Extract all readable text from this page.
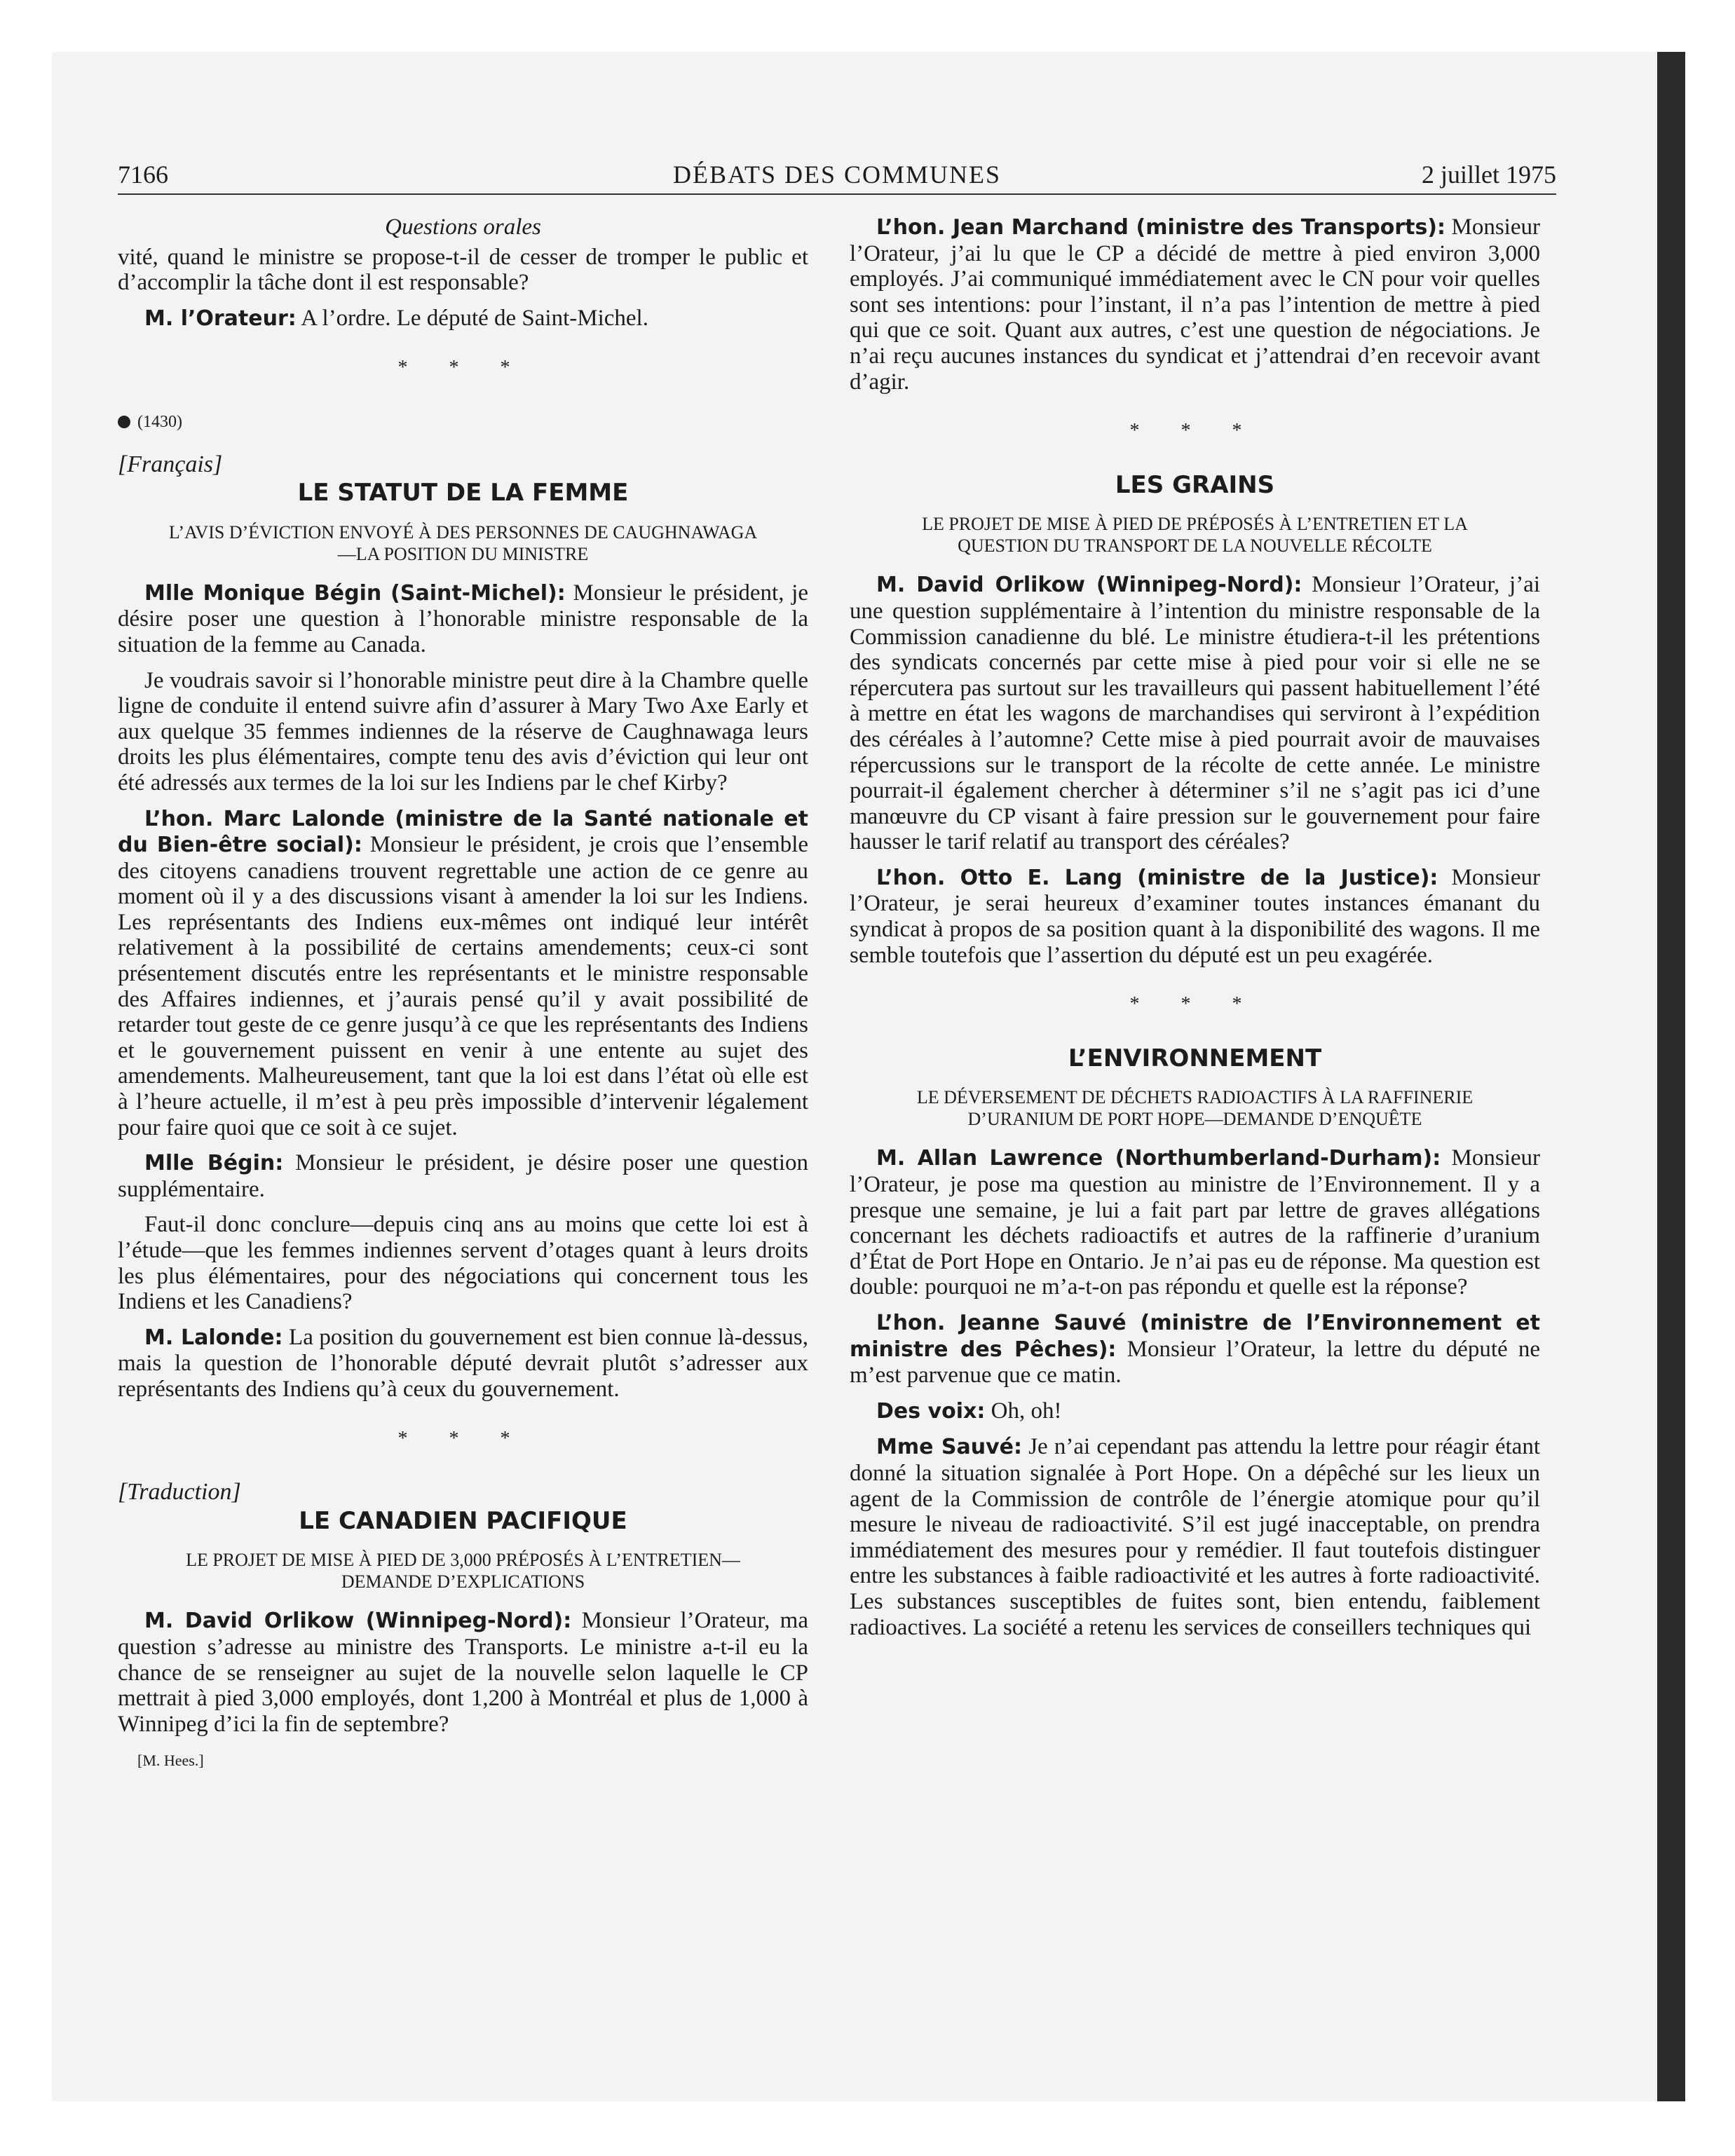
7166	DÉBATS DES COMMUNES	2 juillet 1975
Questions orales

vité, quand le ministre se propose-t-il de cesser de tromper le public et d’accomplir la tâche dont il est responsable?

M. l’Orateur: A l’ordre. Le député de Saint-Michel.

* * *
(1430)
[Français]
LE STATUT DE LA FEMME
L’AVIS D’ÉVICTION ENVOYÉ À DES PERSONNES DE CAUGHNAWAGA—LA POSITION DU MINISTRE

Mlle Monique Bégin (Saint-Michel): Monsieur le président, je désire poser une question à l’honorable ministre responsable de la situation de la femme au Canada.

Je voudrais savoir si l’honorable ministre peut dire à la Chambre quelle ligne de conduite il entend suivre afin d’assurer à Mary Two Axe Early et aux quelque 35 femmes indiennes de la réserve de Caughnawaga leurs droits les plus élémentaires, compte tenu des avis d’éviction qui leur ont été adressés aux termes de la loi sur les Indiens par le chef Kirby?

L’hon. Marc Lalonde (ministre de la Santé nationale et du Bien-être social): Monsieur le président, je crois que l’ensemble des citoyens canadiens trouvent regrettable une action de ce genre au moment où il y a des discussions visant à amender la loi sur les Indiens. Les représentants des Indiens eux-mêmes ont indiqué leur intérêt relativement à la possibilité de certains amendements; ceux-ci sont présentement discutés entre les représentants et le ministre responsable des Affaires indiennes, et j’aurais pensé qu’il y avait possibilité de retarder tout geste de ce genre jusqu’à ce que les représentants des Indiens et le gouvernement puissent en venir à une entente au sujet des amendements. Malheureusement, tant que la loi est dans l’état où elle est à l’heure actuelle, il m’est à peu près impossible d’intervenir légalement pour faire quoi que ce soit à ce sujet.

Mlle Bégin: Monsieur le président, je désire poser une question supplémentaire.

Faut-il donc conclure—depuis cinq ans au moins que cette loi est à l’étude—que les femmes indiennes servent d’otages quant à leurs droits les plus élémentaires, pour des négociations qui concernent tous les Indiens et les Canadiens?

M. Lalonde: La position du gouvernement est bien connue là-dessus, mais la question de l’honorable député devrait plutôt s’adresser aux représentants des Indiens qu’à ceux du gouvernement.

* * *
[Traduction]
LE CANADIEN PACIFIQUE
LE PROJET DE MISE À PIED DE 3,000 PRÉPOSÉS À L’ENTRETIEN—DEMANDE D’EXPLICATIONS

M. David Orlikow (Winnipeg-Nord): Monsieur l’Orateur, ma question s’adresse au ministre des Transports. Le ministre a-t-il eu la chance de se renseigner au sujet de la nouvelle selon laquelle le CP mettrait à pied 3,000 employés, dont 1,200 à Montréal et plus de 1,000 à Winnipeg d’ici la fin de septembre?

[M. Hees.]

L’hon. Jean Marchand (ministre des Transports): Monsieur l’Orateur, j’ai lu que le CP a décidé de mettre à pied environ 3,000 employés. J’ai communiqué immédiatement avec le CN pour voir quelles sont ses intentions: pour l’instant, il n’a pas l’intention de mettre à pied qui que ce soit. Quant aux autres, c’est une question de négociations. Je n’ai reçu aucunes instances du syndicat et j’attendrai d’en recevoir avant d’agir.

* * *
LES GRAINS
LE PROJET DE MISE À PIED DE PRÉPOSÉS À L’ENTRETIEN ET LA QUESTION DU TRANSPORT DE LA NOUVELLE RÉCOLTE

M. David Orlikow (Winnipeg-Nord): Monsieur l’Orateur, j’ai une question supplémentaire à l’intention du ministre responsable de la Commission canadienne du blé. Le ministre étudiera-t-il les prétentions des syndicats concernés par cette mise à pied pour voir si elle ne se répercutera pas surtout sur les travailleurs qui passent habituellement l’été à mettre en état les wagons de marchandises qui serviront à l’expédition des céréales à l’automne? Cette mise à pied pourrait avoir de mauvaises répercussions sur le transport de la récolte de cette année. Le ministre pourrait-il également chercher à déterminer s’il ne s’agit pas ici d’une manœuvre du CP visant à faire pression sur le gouvernement pour faire hausser le tarif relatif au transport des céréales?

L’hon. Otto E. Lang (ministre de la Justice): Monsieur l’Orateur, je serai heureux d’examiner toutes instances émanant du syndicat à propos de sa position quant à la disponibilité des wagons. Il me semble toutefois que l’assertion du député est un peu exagérée.

* * *
L’ENVIRONNEMENT
LE DÉVERSEMENT DE DÉCHETS RADIOACTIFS À LA RAFFINERIE D’URANIUM DE PORT HOPE—DEMANDE D’ENQUÊTE

M. Allan Lawrence (Northumberland-Durham): Monsieur l’Orateur, je pose ma question au ministre de l’Environnement. Il y a presque une semaine, je lui a fait part par lettre de graves allégations concernant les déchets radioactifs et autres de la raffinerie d’uranium d’État de Port Hope en Ontario. Je n’ai pas eu de réponse. Ma question est double: pourquoi ne m’a-t-on pas répondu et quelle est la réponse?

L’hon. Jeanne Sauvé (ministre de l’Environnement et ministre des Pêches): Monsieur l’Orateur, la lettre du député ne m’est parvenue que ce matin.

Des voix: Oh, oh!

Mme Sauvé: Je n’ai cependant pas attendu la lettre pour réagir étant donné la situation signalée à Port Hope. On a dépêché sur les lieux un agent de la Commission de contrôle de l’énergie atomique pour qu’il mesure le niveau de radioactivité. S’il est jugé inacceptable, on prendra immédiatement des mesures pour y remédier. Il faut toutefois distinguer entre les substances à faible radioactivité et les autres à forte radioactivité. Les substances susceptibles de fuites sont, bien entendu, faiblement radioactives. La société a retenu les services de conseillers techniques qui
